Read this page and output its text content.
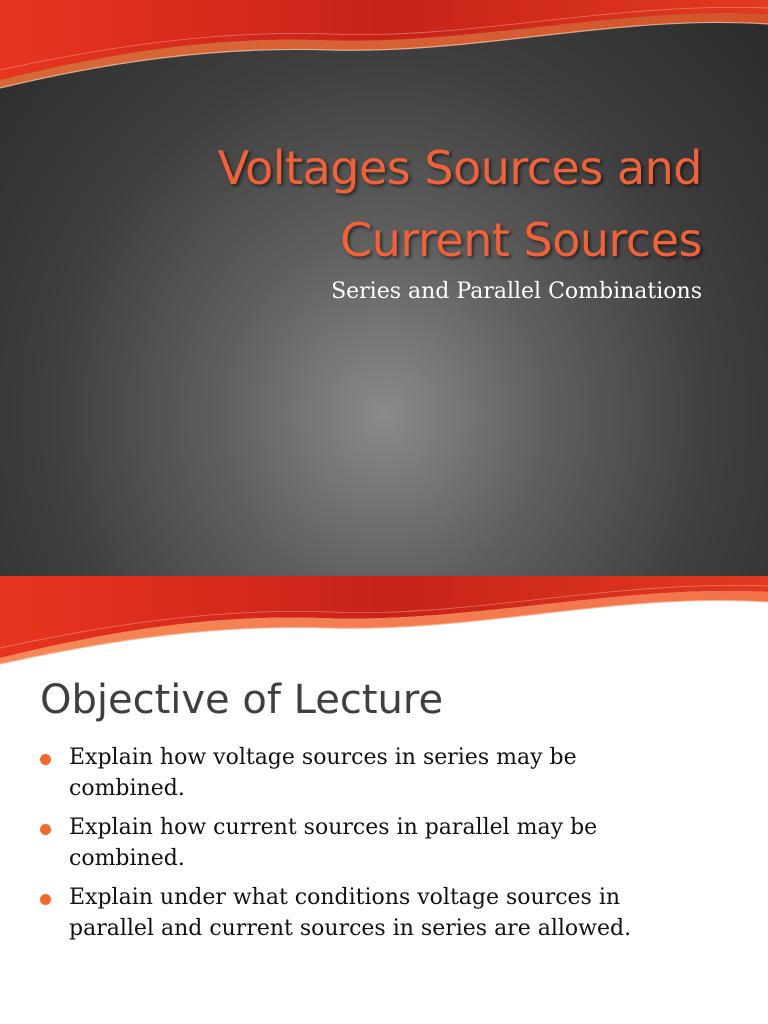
Voltages Sources and Current Sources

Series and Parallel Combinations

Objective of Lecture
Explain how voltage sources in series may be combined.
Explain how current sources in parallel may be combined.
Explain under what conditions voltage sources in parallel and current sources in series are allowed.
